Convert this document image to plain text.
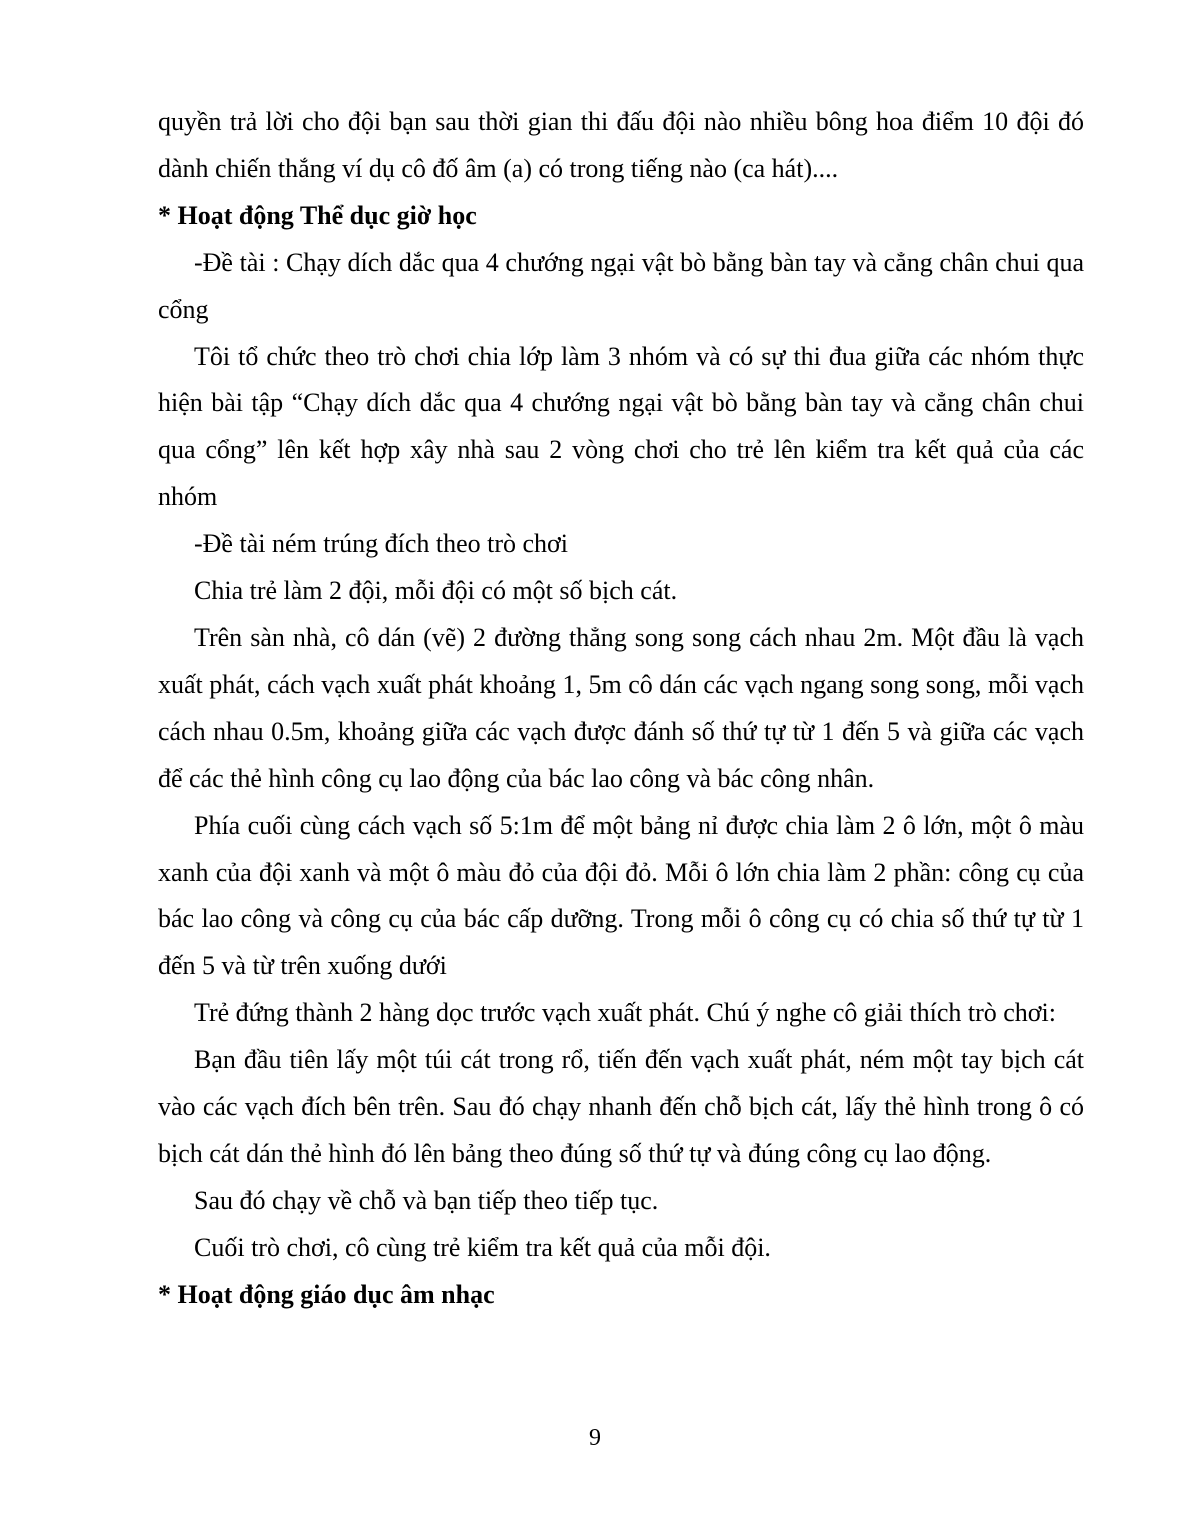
quyền trả lời cho đội bạn sau thời gian thi đấu đội nào nhiều bông hoa điểm 10 đội đó dành chiến thắng ví dụ cô đố âm (a) có trong tiếng nào (ca hát)....

* Hoạt động Thể dục giờ học

-Đề tài : Chạy dích dắc qua 4 chướng ngại vật bò bằng bàn tay và cẳng chân chui qua cổng

Tôi tổ chức theo trò chơi chia lớp làm 3 nhóm và có sự thi đua giữa các nhóm thực hiện bài tập “Chạy dích dắc qua 4 chướng ngại vật bò bằng bàn tay và cẳng chân chui qua cổng” lên kết hợp xây nhà sau 2 vòng chơi cho trẻ lên kiểm tra kết quả của các nhóm

-Đề tài ném trúng đích theo trò chơi

Chia trẻ làm 2 đội, mỗi đội có một số bịch cát.

Trên sàn nhà, cô dán (vẽ) 2 đường thẳng song song cách nhau 2m. Một đầu là vạch xuất phát, cách vạch xuất phát khoảng 1, 5m cô dán các vạch ngang song song, mỗi vạch cách nhau 0.5m, khoảng giữa các vạch được đánh số thứ tự từ 1 đến 5 và giữa các vạch để các thẻ hình công cụ lao động của bác lao công và bác công nhân.

Phía cuối cùng cách vạch số 5:1m để một bảng nỉ được chia làm 2 ô lớn, một ô màu xanh của đội xanh và một ô màu đỏ của đội đỏ. Mỗi ô lớn chia làm 2 phần: công cụ của bác lao công và công cụ của bác cấp dưỡng. Trong mỗi ô công cụ có chia số thứ tự từ 1 đến 5 và từ trên xuống dưới

Trẻ đứng thành 2 hàng dọc trước vạch xuất phát. Chú ý nghe cô giải thích trò chơi:

Bạn đầu tiên lấy một túi cát trong rổ, tiến đến vạch xuất phát, ném một tay bịch cát vào các vạch đích bên trên. Sau đó chạy nhanh đến chỗ bịch cát, lấy thẻ hình trong ô có bịch cát dán thẻ hình đó lên bảng theo đúng số thứ tự và đúng công cụ lao động.

Sau đó chạy về chỗ và bạn tiếp theo tiếp tục.

Cuối trò chơi, cô cùng trẻ kiểm tra kết quả của mỗi đội.

* Hoạt động giáo dục âm nhạc

9
